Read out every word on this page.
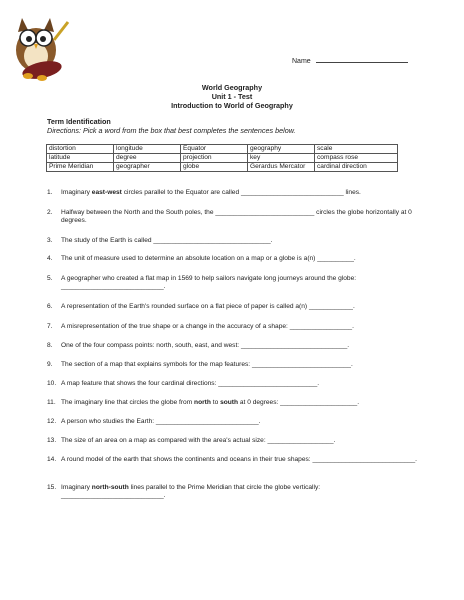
Name
World Geography
Unit 1 - Test
Introduction to World of Geography
Term Identification
Directions: Pick a word from the box that best completes the sentences below.
distortion	longitude	Equator	geography	scale
latitude	degree	projection	key	compass rose
Prime Meridian	geographer	globe	Gerardus Mercator	cardinal direction
1. Imaginary east-west circles parallel to the Equator are called ____________________________ lines.
2. Halfway between the North and the South poles, the ___________________________ circles the globe horizontally at 0 degrees.
3. The study of the Earth is called ________________________________.
4. The unit of measure used to determine an absolute location on a map or a globe is a(n) __________.
5. A geographer who created a flat map in 1569 to help sailors navigate long journeys around the globe: ____________________________.
6. A representation of the Earth's rounded surface on a flat piece of paper is called a(n) ____________.
7. A misrepresentation of the true shape or a change in the accuracy of a shape: _________________.
8. One of the four compass points: north, south, east, and west: _____________________________.
9. The section of a map that explains symbols for the map features: ___________________________.
10. A map feature that shows the four cardinal directions: ___________________________.
11. The imaginary line that circles the globe from north to south at 0 degrees: _____________________.
12. A person who studies the Earth: ____________________________.
13. The size of an area on a map as compared with the area's actual size: __________________.
14. A round model of the earth that shows the continents and oceans in their true shapes: ____________________________.
15. Imaginary north-south lines parallel to the Prime Meridian that circle the globe vertically: ____________________________.
